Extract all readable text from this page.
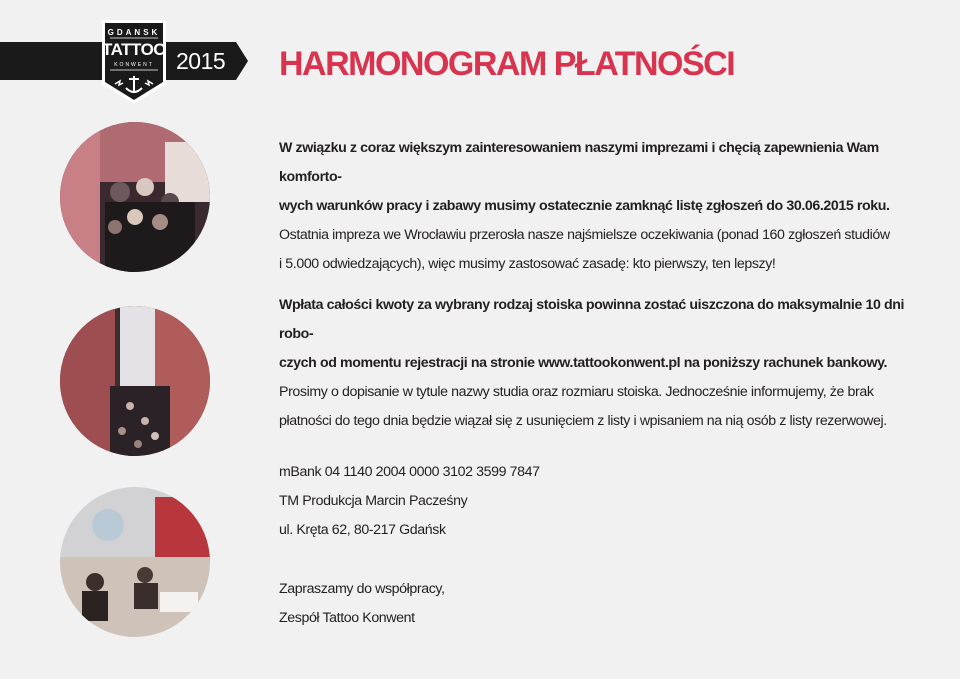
2015
GDANSK
TATTOO
KONWENT	HARMONOGRAM PŁATNOŚCI
W związku z coraz większym zainteresowaniem naszymi imprezami i chęcią zapewnienia Wam komforto-
wych warunków pracy i zabawy musimy ostatecznie zamknąć listę zgłoszeń do 30.06.2015 roku.
Ostatnia impreza we Wrocławiu przerosła nasze najśmielsze oczekiwania (ponad 160 zgłoszeń studiów
i 5.000 odwiedzających), więc musimy zastosować zasadę: kto pierwszy, ten lepszy!
Wpłata całości kwoty za wybrany rodzaj stoiska powinna zostać uiszczona do maksymalnie 10 dni robo-
czych od momentu rejestracji na stronie www.tattookonwent.pl na poniższy rachunek bankowy.
Prosimy o dopisanie w tytule nazwy studia oraz rozmiaru stoiska. Jednocześnie informujemy, że brak
płatności do tego dnia będzie wiązał się z usunięciem z listy i wpisaniem na nią osób z listy rezerwowej.
mBank 04 1140 2004 0000 3102 3599 7847
TM Produkcja Marcin Pacześny
ul. Kręta 62, 80-217 Gdańsk
Zapraszamy do współpracy,
Zespół Tattoo Konwent
